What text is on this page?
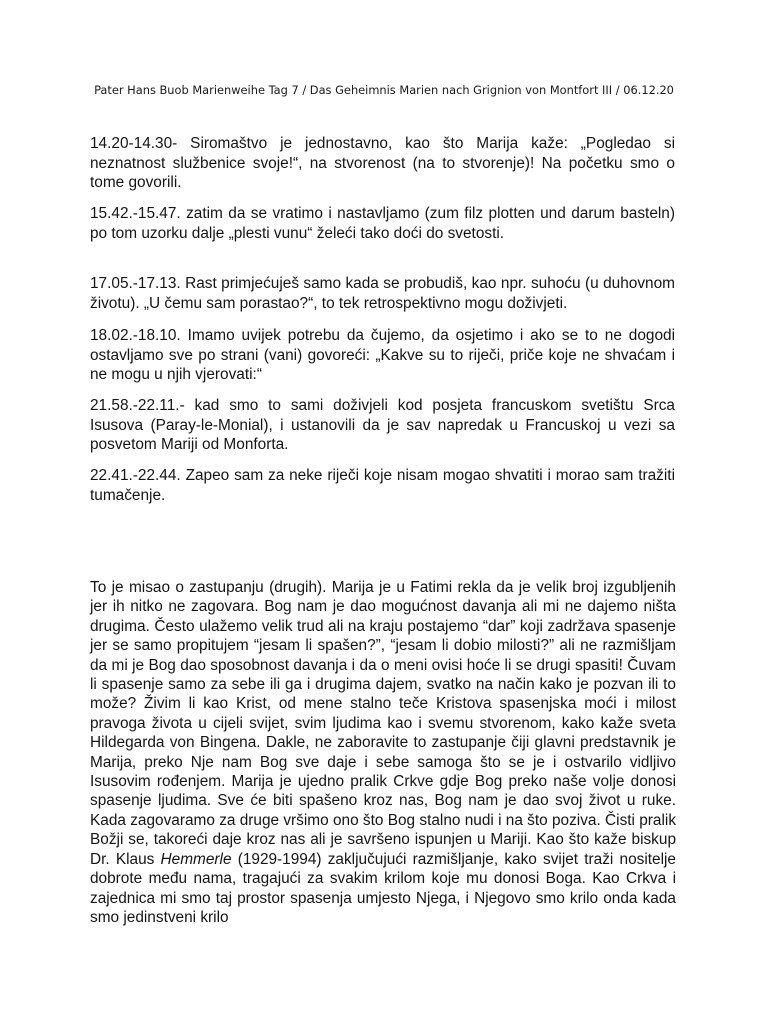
Pater Hans Buob Marienweihe Tag 7 / Das Geheimnis Marien nach Grignion von Montfort III / 06.12.20

14.20-14.30- Siromaštvo je jednostavno, kao što Marija kaže: „Pogledao si neznatnost službenice svoje!“, na stvorenost (na to stvorenje)! Na početku smo o tome govorili.

15.42.-15.47. zatim da se vratimo i nastavljamo (zum filz plotten und darum basteln) po tom uzorku dalje „plesti vunu“ želeći tako doći do svetosti.

17.05.-17.13. Rast primjećuješ samo kada se probudiš, kao npr. suhoću (u duhovnom životu). „U čemu sam porastao?“, to tek retrospektivno mogu doživjeti.

18.02.-18.10. Imamo uvijek potrebu da čujemo, da osjetimo i ako se to ne dogodi ostavljamo sve po strani (vani) govoreći: „Kakve su to riječi, priče koje ne shvaćam i ne mogu u njih vjerovati:“

21.58.-22.11.- kad smo to sami doživjeli kod posjeta francuskom svetištu Srca Isusova (Paray-le-Monial), i ustanovili da je sav napredak u Francuskoj u vezi sa posvetom Mariji od Monforta.

22.41.-22.44. Zapeo sam za neke riječi koje nisam mogao shvatiti i morao sam tražiti tumačenje.

To je misao o zastupanju (drugih). Marija je u Fatimi rekla da je velik broj izgubljenih jer ih nitko ne zagovara. Bog nam je dao mogućnost davanja ali mi ne dajemo ništa drugima. Često ulažemo velik trud ali na kraju postajemo “dar” koji zadržava spasenje jer se samo propitujem “jesam li spašen?”, “jesam li dobio milosti?” ali ne razmišljam da mi je Bog dao sposobnost davanja i da o meni ovisi hoće li se drugi spasiti! Čuvam li spasenje samo za sebe ili ga i drugima dajem, svatko na način kako je pozvan ili to može? Živim li kao Krist, od mene stalno teče Kristova spasenjska moći i milost pravoga života u cijeli svijet, svim ljudima kao i svemu stvorenom, kako kaže sveta Hildegarda von Bingena. Dakle, ne zaboravite to zastupanje čiji glavni predstavnik je Marija, preko Nje nam Bog sve daje i sebe samoga što se je i ostvarilo vidljivo Isusovim rođenjem. Marija je ujedno pralik Crkve gdje Bog preko naše volje donosi spasenje ljudima. Sve će biti spašeno kroz nas, Bog nam je dao svoj život u ruke. Kada zagovaramo za druge vršimo ono što Bog stalno nudi i na što poziva. Čisti pralik Božji se, takoreći daje kroz nas ali je savršeno ispunjen u Mariji. Kao što kaže biskup Dr. Klaus Hemmerle (1929-1994) zaključujući razmišljanje, kako svijet traži nositelje dobrote među nama, tragajući za svakim krilom koje mu donosi Boga. Kao Crkva i zajednica mi smo taj prostor spasenja umjesto Njega, i Njegovo smo krilo onda kada smo jedinstveni krilo
